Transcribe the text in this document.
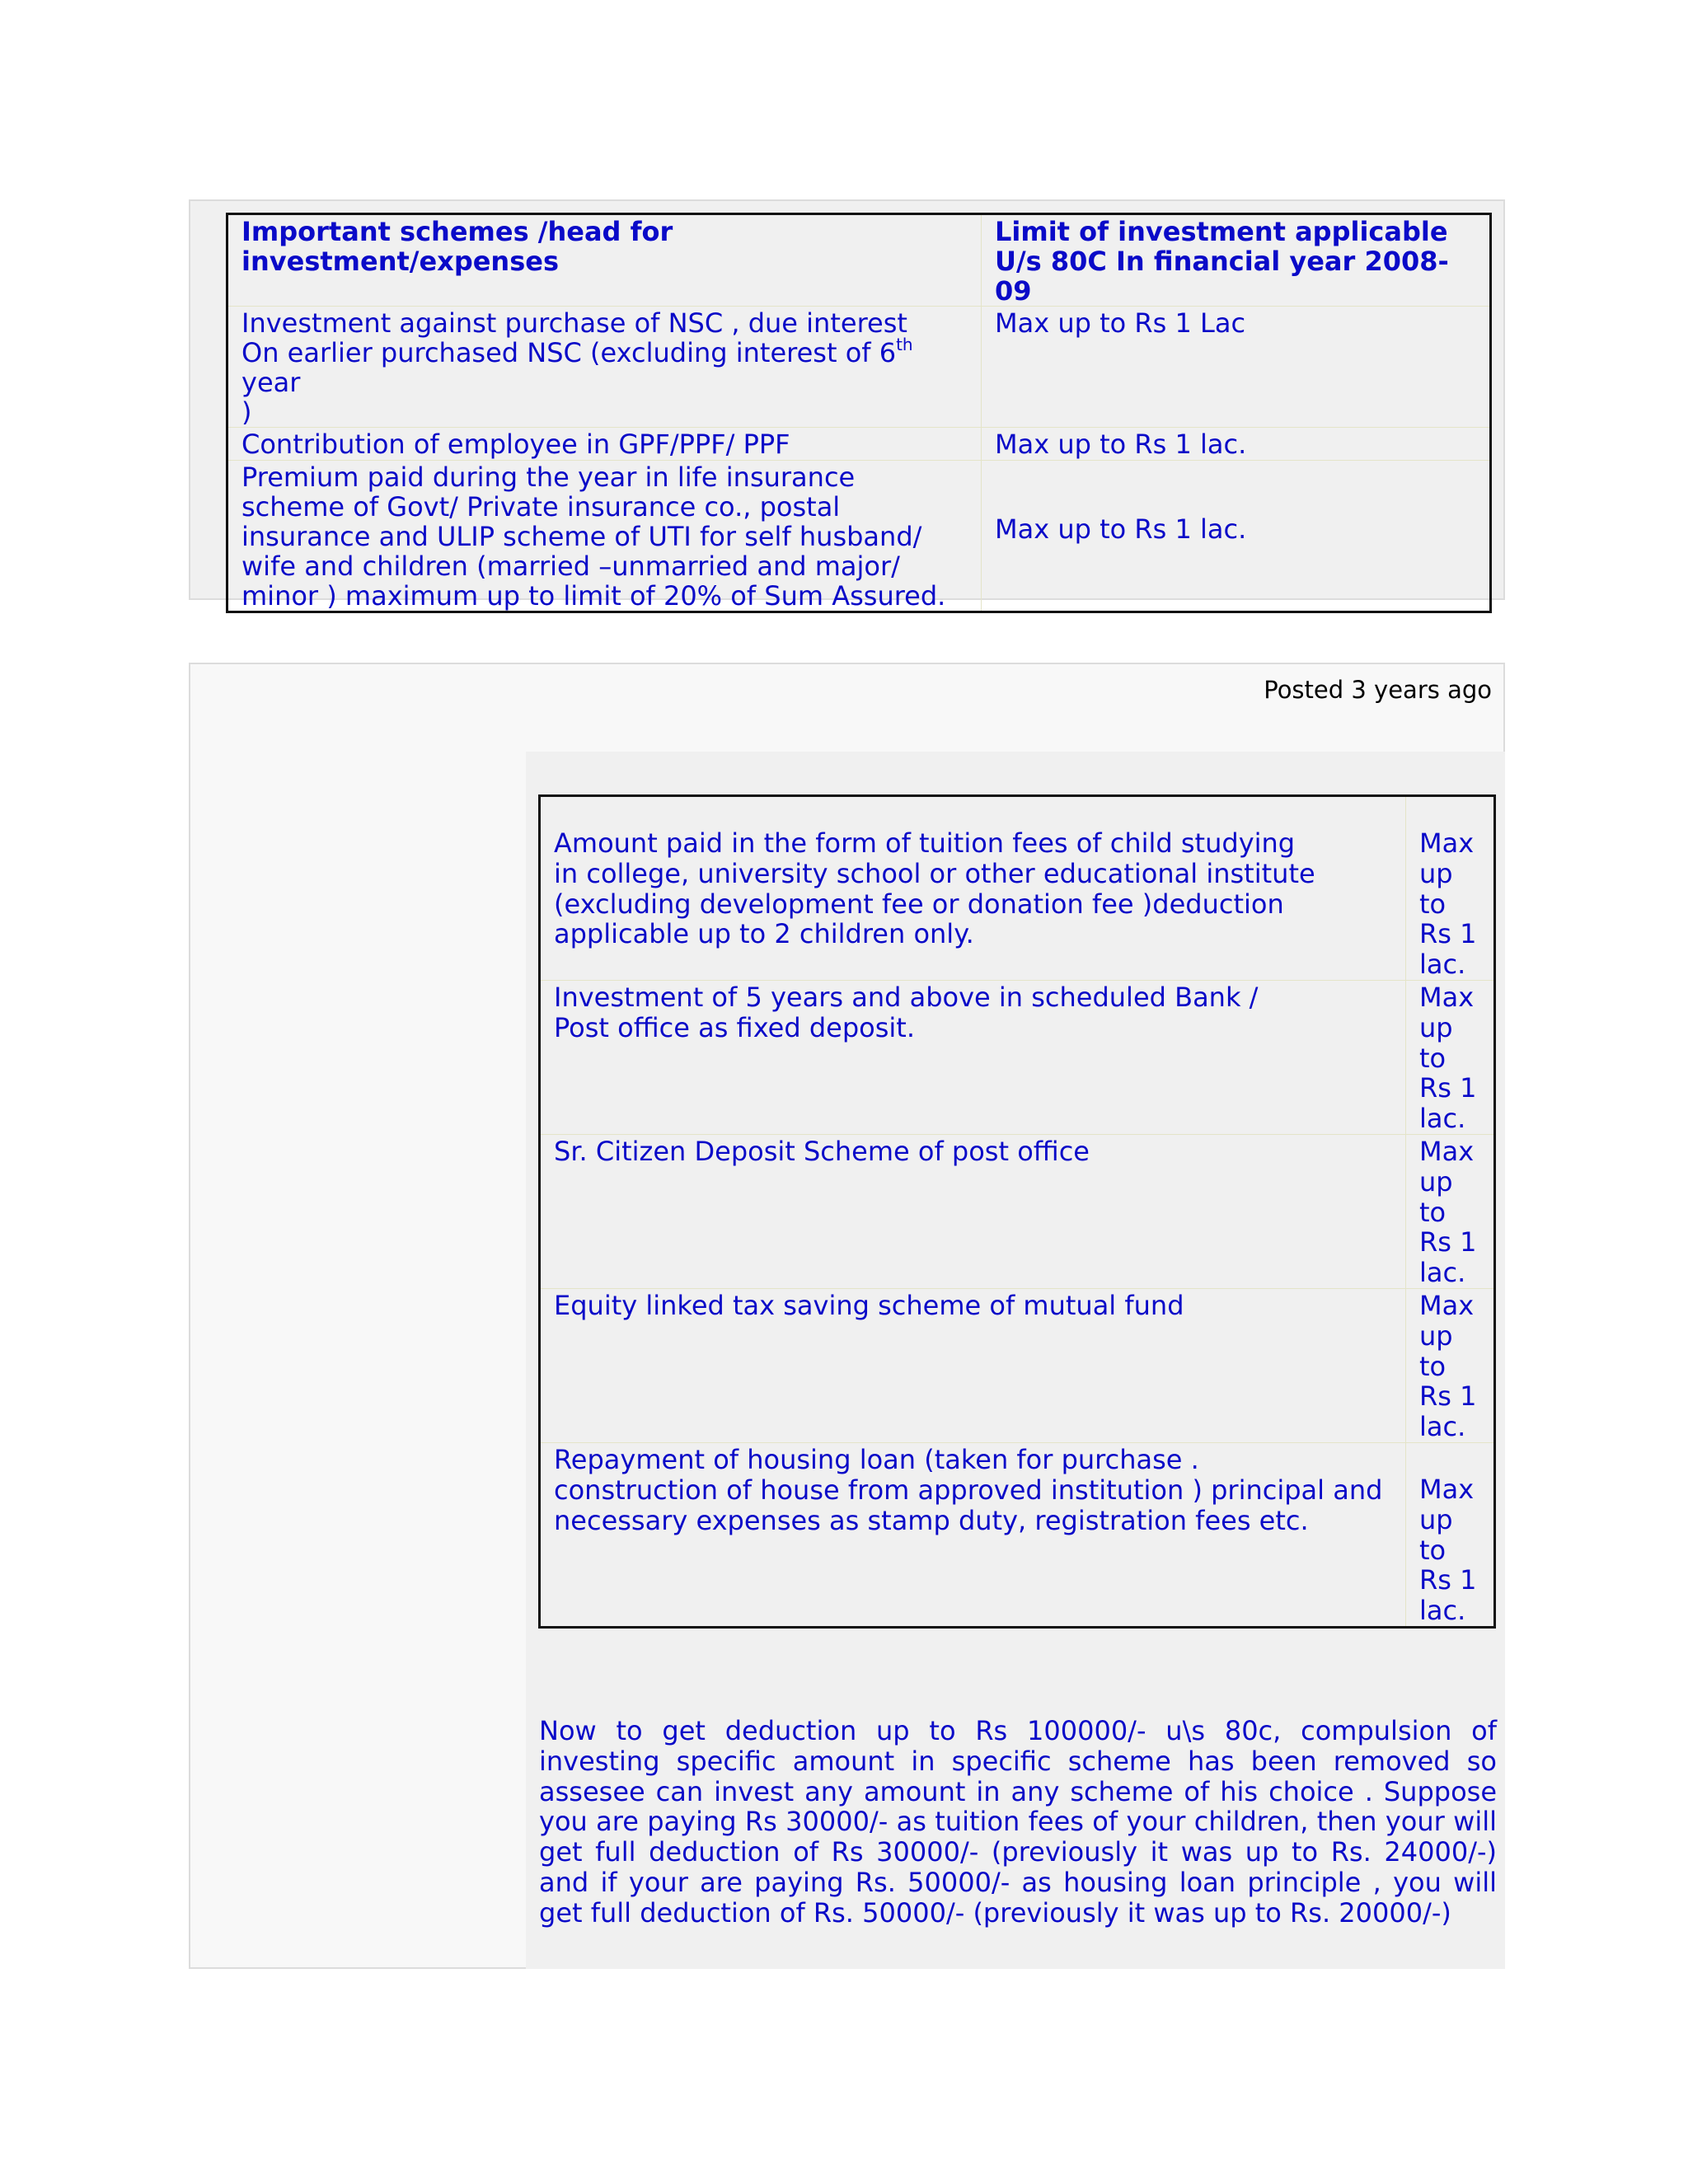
Important schemes /head for investment/expenses	Limit of investment applicable
U/s 80C In financial year 2008-09
Investment against purchase of NSC , due interest
On earlier purchased NSC (excluding interest of 6th year
)	Max up to Rs 1 Lac
Contribution of employee in GPF/PPF/ PPF	Max up to Rs 1 lac.
Premium paid during the year in life insurance scheme of Govt/ Private insurance co., postal insurance and ULIP scheme of UTI for self husband/ wife and children (married –unmarried and major/ minor ) maximum up to limit of 20% of Sum Assured.	Max up to Rs 1 lac.
Posted 3 years ago
Amount paid in the form of tuition fees of child studying
in college, university school or other educational institute
(excluding development fee or donation fee )deduction
applicable up to 2 children only.	Max up to Rs 1 lac.
Investment of 5 years and above in scheduled Bank /
Post office as fixed deposit.	Max up to Rs 1 lac.
Sr. Citizen Deposit Scheme of post office	Max up to Rs 1 lac.
Equity linked tax saving scheme of mutual fund	Max up to Rs 1 lac.
Repayment of housing loan (taken for purchase .
construction of house from approved institution ) principal and
necessary expenses as stamp duty, registration fees etc.	Max up to Rs 1 lac.
Now to get deduction up to Rs 100000/- u\s 80c, compulsion of investing specific amount in specific scheme has been removed so assesee can invest any amount in any scheme of his choice . Suppose you are paying Rs 30000/- as tuition fees of your children, then your will get full deduction of Rs 30000/- (previously it was up to Rs. 24000/-) and if your are paying Rs. 50000/- as housing loan principle , you will get full deduction of Rs. 50000/- (previously it was up to Rs. 20000/-)
